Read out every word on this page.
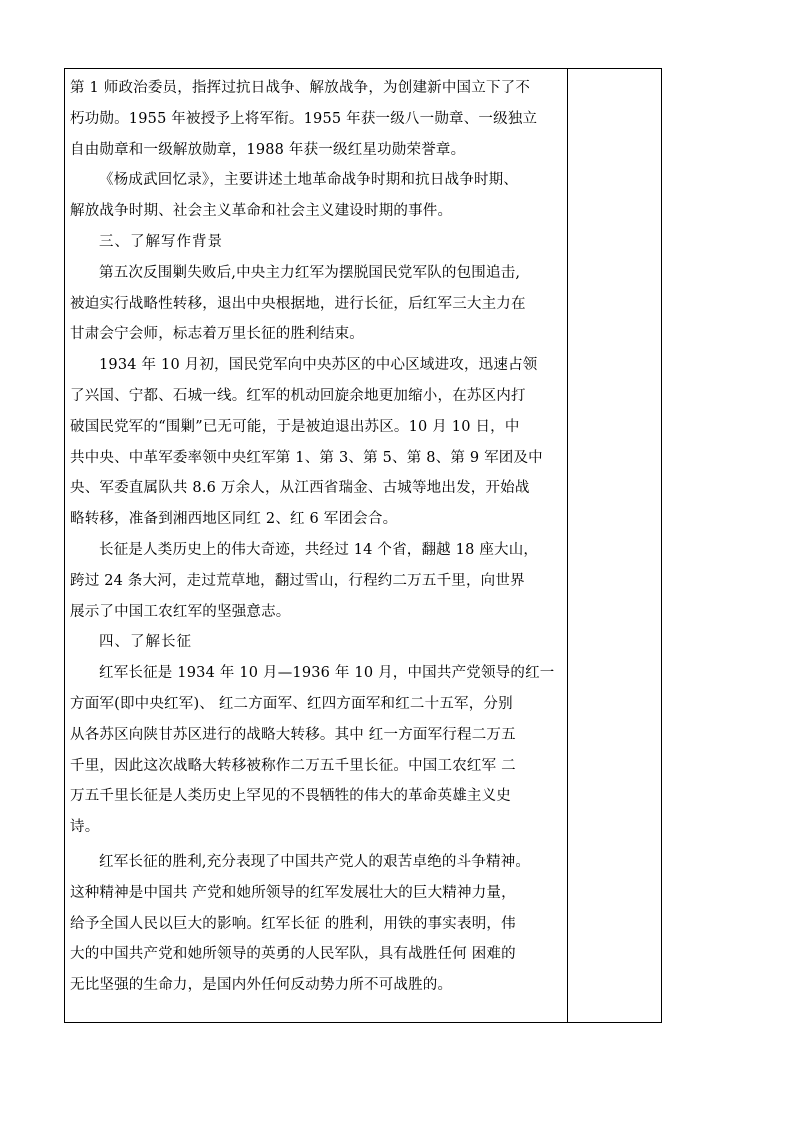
第 1 师政治委员，指挥过抗日战争、解放战争，为创建新中国立下了不
朽功勋。1955 年被授予上将军衔。1955 年获一级八一勋章、一级独立
自由勋章和一级解放勋章，1988 年获一级红星功勋荣誉章。
《杨成武回忆录》，主要讲述土地革命战争时期和抗日战争时期、
解放战争时期、社会主义革命和社会主义建设时期的事件。
三、了解写作背景
第五次反围剿失败后,中央主力红军为摆脱国民党军队的包围追击,
被迫实行战略性转移，退出中央根据地，进行长征，后红军三大主力在
甘肃会宁会师，标志着万里长征的胜利结束。
1934 年 10 月初，国民党军向中央苏区的中心区域进攻，迅速占领
了兴国、宁都、石城一线。红军的机动回旋余地更加缩小，在苏区内打
破国民党军的“围剿”已无可能，于是被迫退出苏区。10 月 10 日，中
共中央、中革军委率领中央红军第 1、第 3、第 5、第 8、第 9 军团及中
央、军委直属队共 8.6 万余人，从江西省瑞金、古城等地出发，开始战
略转移，准备到湘西地区同红 2、红 6 军团会合。
长征是人类历史上的伟大奇迹，共经过 14 个省，翻越 18 座大山，
跨过 24 条大河，走过荒草地，翻过雪山，行程约二万五千里，向世界
展示了中国工农红军的坚强意志。
四、了解长征
红军长征是 1934 年 10 月—1936 年 10 月，中国共产党领导的红一
方面军(即中央红军)、 红二方面军、红四方面军和红二十五军，分别
从各苏区向陕甘苏区进行的战略大转移。其中 红一方面军行程二万五
千里，因此这次战略大转移被称作二万五千里长征。中国工农红军 二
万五千里长征是人类历史上罕见的不畏牺牲的伟大的革命英雄主义史
诗。
红军长征的胜利,充分表现了中国共产党人的艰苦卓绝的斗争精神。
这种精神是中国共 产党和她所领导的红军发展壮大的巨大精神力量，
给予全国人民以巨大的影响。红军长征 的胜利，用铁的事实表明，伟
大的中国共产党和她所领导的英勇的人民军队，具有战胜任何 困难的
无比坚强的生命力，是国内外任何反动势力所不可战胜的。
